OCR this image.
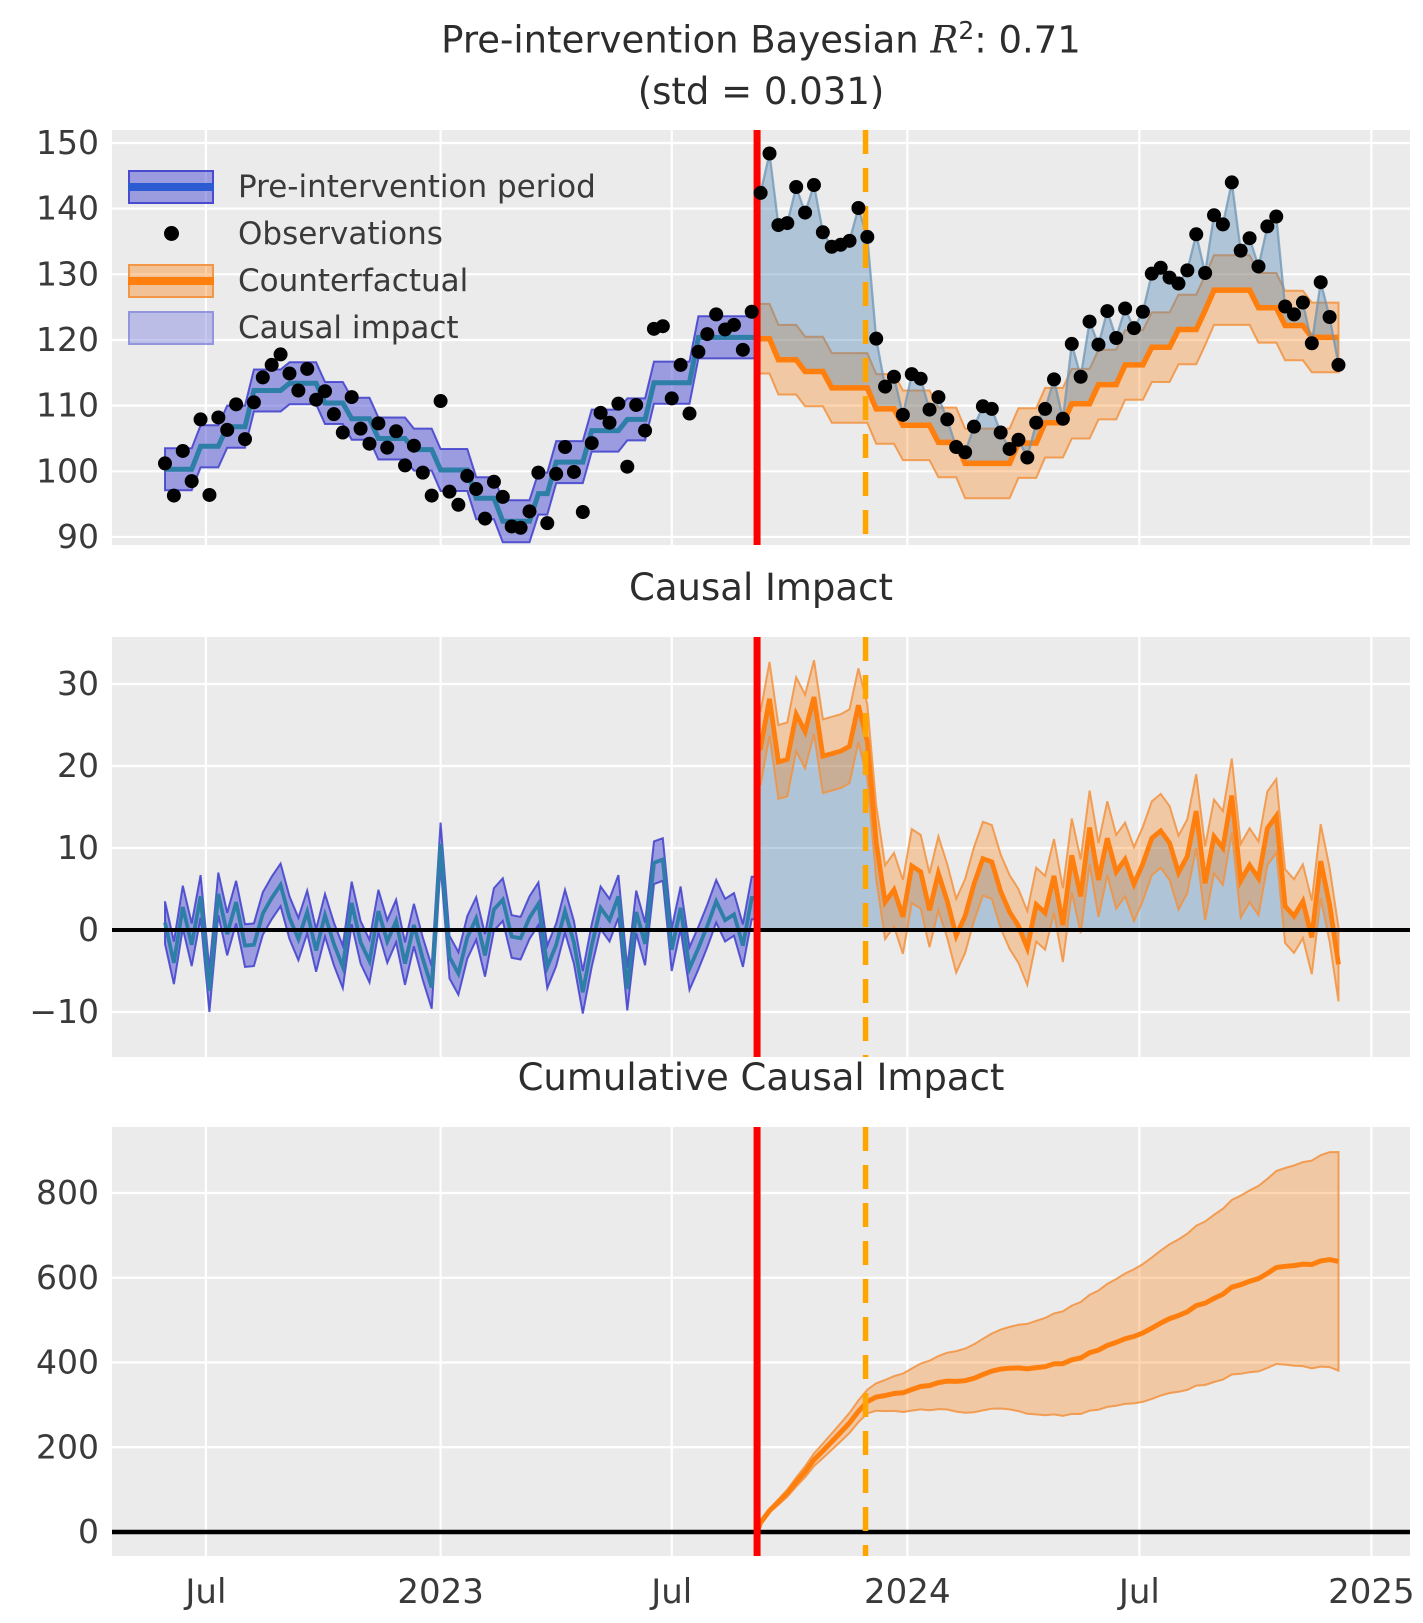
150
140
130
120
110
100
90
30
20
10
0
−10
0
200
400
600
800
Jul	2023	Jul	2024	Jul	2025
Pre-intervention Bayesian $R^2$: 0.71
(std = 0.031)
Causal Impact
Cumulative Causal Impact
Pre-intervention period
Observations
Counterfactual
Causal impact
